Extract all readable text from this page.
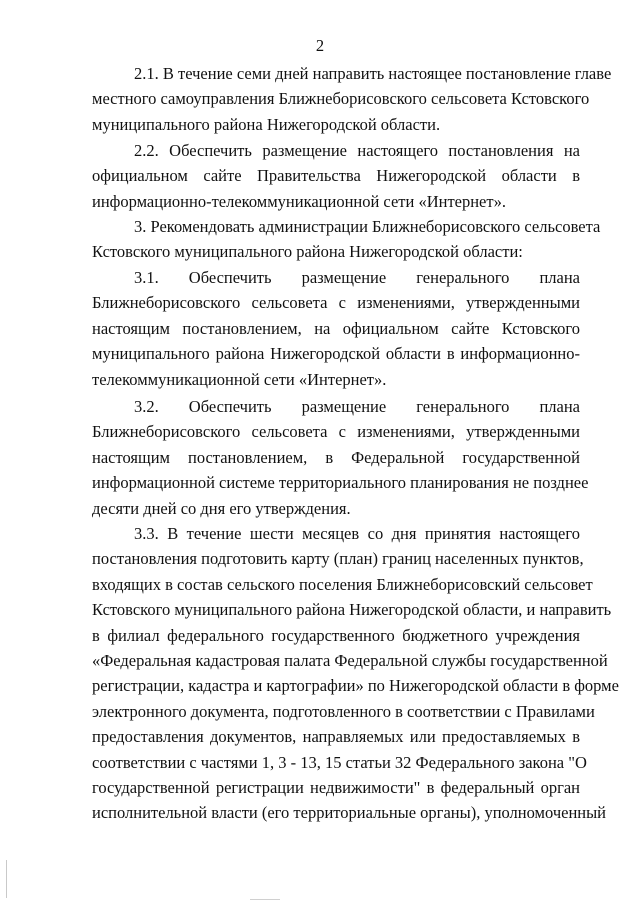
2
2.1. В течение семи дней направить настоящее постановление главе
местного самоуправления Ближнеборисовского сельсовета Кстовского
муниципального района Нижегородской области.
2.2. Обеспечить размещение настоящего постановления на
официальном сайте Правительства Нижегородской области в
информационно-телекоммуникационной сети «Интернет».
3. Рекомендовать администрации Ближнеборисовского сельсовета
Кстовского муниципального района Нижегородской области:
3.1. Обеспечить размещение генерального плана
Ближнеборисовского сельсовета с изменениями, утвержденными
настоящим постановлением, на официальном сайте Кстовского
муниципального района Нижегородской области в информационно-
телекоммуникационной сети «Интернет».
3.2. Обеспечить размещение генерального плана
Ближнеборисовского сельсовета с изменениями, утвержденными
настоящим постановлением, в Федеральной государственной
информационной системе территориального планирования не позднее
десяти дней со дня его утверждения.
3.3. В течение шести месяцев со дня принятия настоящего
постановления подготовить карту (план) границ населенных пунктов,
входящих в состав сельского поселения Ближнеборисовский сельсовет
Кстовского муниципального района Нижегородской области, и направить
в филиал федерального государственного бюджетного учреждения
«Федеральная кадастровая палата Федеральной службы государственной
регистрации, кадастра и картографии» по Нижегородской области в форме
электронного документа, подготовленного в соответствии с Правилами
предоставления документов, направляемых или предоставляемых в
соответствии с частями 1, 3 - 13, 15 статьи 32 Федерального закона "О
государственной регистрации недвижимости" в федеральный орган
исполнительной власти (его территориальные органы), уполномоченный
